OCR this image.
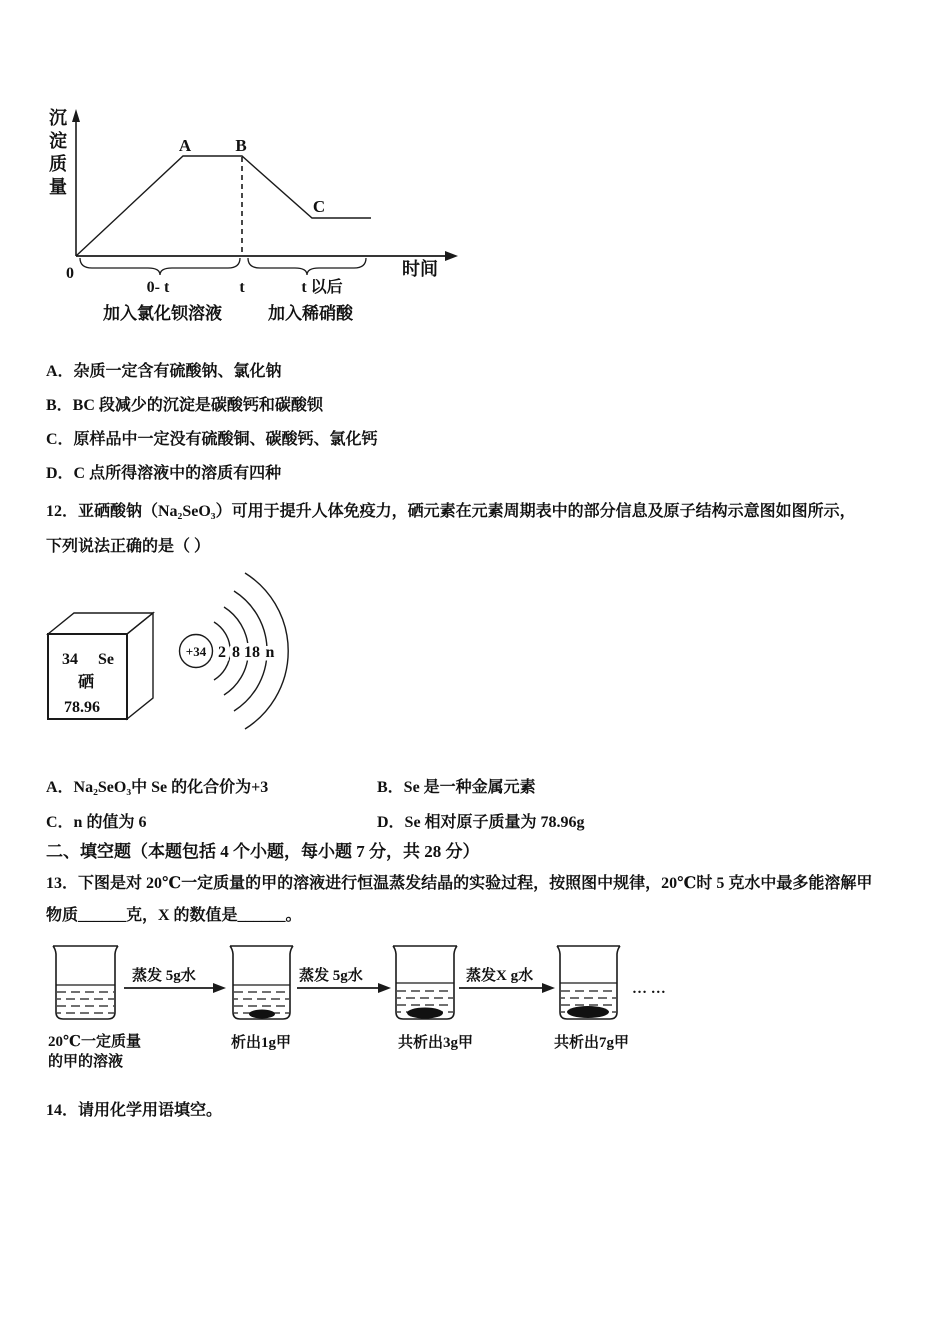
沉淀质量
A	B
C
时间
0
0- t	t	t 以后
加入氯化钡溶液	加入稀硝酸
A．杂质一定含有硫酸钠、氯化钠
B．BC 段减少的沉淀是碳酸钙和碳酸钡
C．原样品中一定没有硫酸铜、碳酸钙、氯化钙
D．C 点所得溶液中的溶质有四种
12．亚硒酸钠（Na₂SeO₃）可用于提升人体免疫力，硒元素在元素周期表中的部分信息及原子结构示意图如图所示，
下列说法正确的是（ ）
34 Se
硒
78.96
+34 2 8 18 n
A．Na₂SeO₃中 Se 的化合价为+3	B．Se 是一种金属元素
C．n 的值为 6	D．Se 相对原子质量为 78.96g
二、填空题（本题包括 4 个小题，每小题 7 分，共 28 分）
13．下图是对 20℃一定质量的甲的溶液进行恒温蒸发结晶的实验过程，按照图中规律，20℃时 5 克水中最多能溶解甲
物质______克，X 的数值是______。
蒸发 5g水	蒸发 5g水	蒸发X g水
… …
20℃一定质量
的甲的溶液
析出1g甲	共析出3g甲	共析出7g甲
14．请用化学用语填空。
